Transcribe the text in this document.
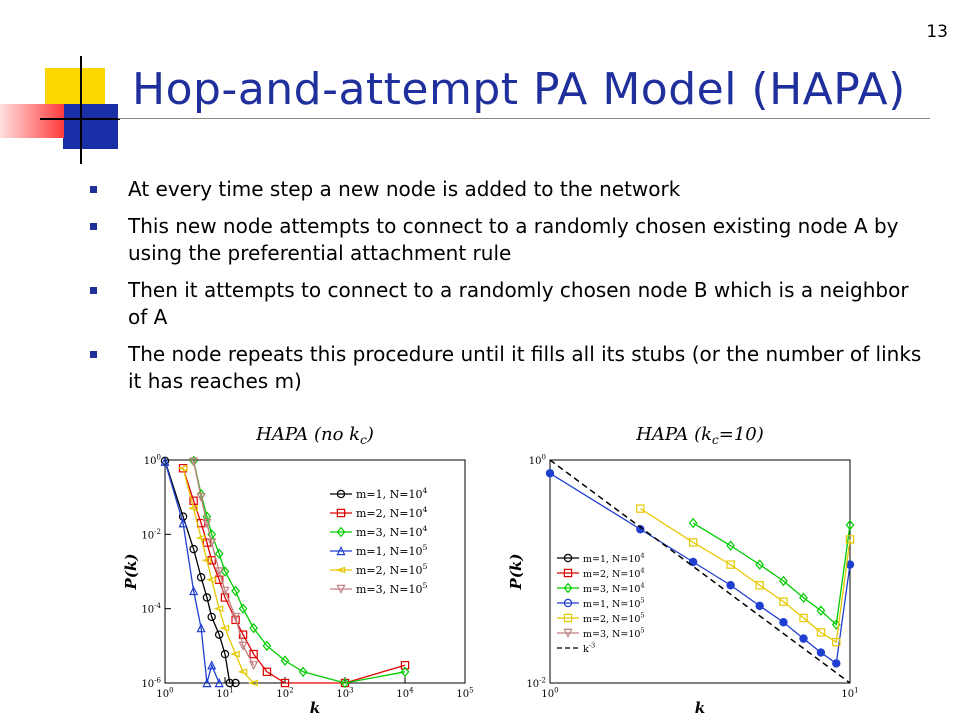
13
Hop-and-attempt PA Model (HAPA)
At every time step a new node is added to the network
This new node attempts to connect to a randomly chosen existing node A by using the preferential attachment rule
Then it attempts to connect to a randomly chosen node B which is a neighbor of A
The node repeats this procedure until it fills all its stubs (or the number of links it has reaches m)
HAPA (no $k_c$)
$10^0$	$10^1$	$10^2$	$10^3$	$10^4$	$10^5$
$10^0$
$10^{-2}$
$10^{-4}$
$10^{-6}$
k
P(k)
m=1, $N=10^4$
m=2, $N=10^4$
m=3, $N=10^4$
m=1, $N=10^5$
m=2, $N=10^5$
m=3, $N=10^5$
HAPA $(k_c=10)$
$10^0$	$10^1$
$10^0$
$10^{-2}$
k
P(k)	m=1, $N=10^4$
m=2, $N=10^4$
m=3, $N=10^4$
m=1, $N=10^5$
m=2, $N=10^5$
m=3, $N=10^5$
$k^{-3}$
